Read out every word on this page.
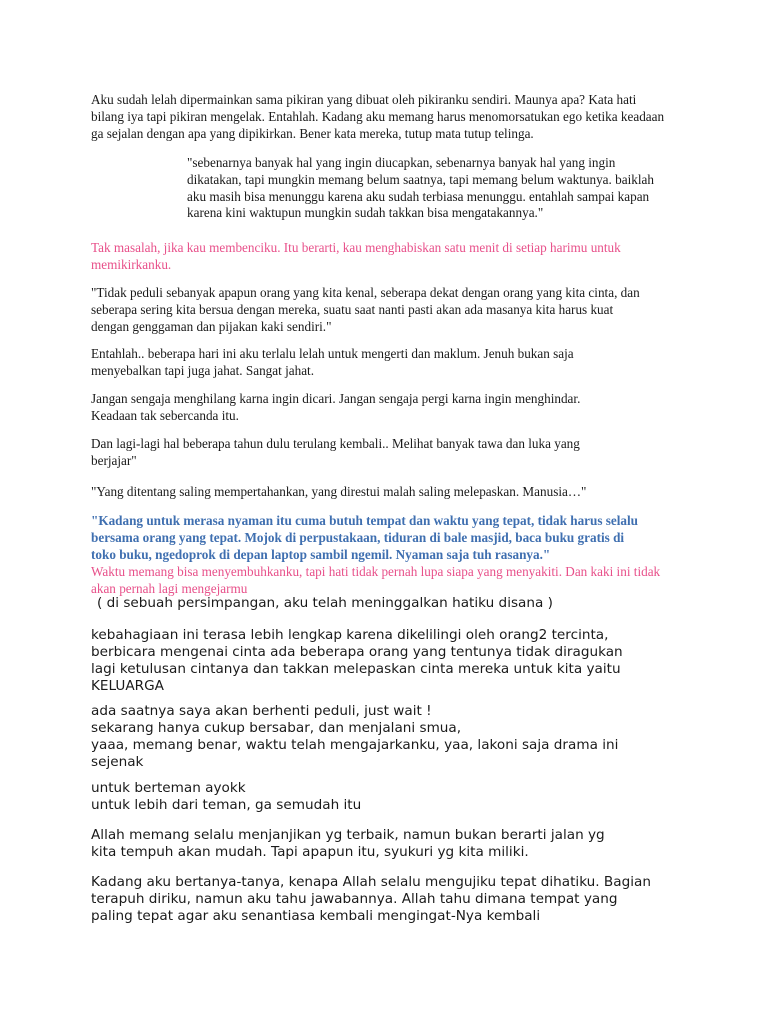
Aku sudah lelah dipermainkan sama pikiran yang dibuat oleh pikiranku sendiri. Maunya apa? Kata hati bilang iya tapi pikiran mengelak. Entahlah. Kadang aku memang harus menomorsatukan ego ketika keadaan ga sejalan dengan apa yang dipikirkan. Bener kata mereka, tutup mata tutup telinga.

"sebenarnya banyak hal yang ingin diucapkan, sebenarnya banyak hal yang ingin dikatakan, tapi mungkin memang belum saatnya, tapi memang belum waktunya. baiklah aku masih bisa menunggu karena aku sudah terbiasa menunggu. entahlah sampai kapan karena kini waktupun mungkin sudah takkan bisa mengatakannya."

Tak masalah, jika kau membenciku. Itu berarti, kau menghabiskan satu menit di setiap harimu untuk memikirkanku.

"Tidak peduli sebanyak apapun orang yang kita kenal, seberapa dekat dengan orang yang kita cinta, dan seberapa sering kita bersua dengan mereka, suatu saat nanti pasti akan ada masanya kita harus kuat dengan genggaman dan pijakan kaki sendiri."

Entahlah.. beberapa hari ini aku terlalu lelah untuk mengerti dan maklum. Jenuh bukan saja menyebalkan tapi juga jahat. Sangat jahat.

Jangan sengaja menghilang karna ingin dicari. Jangan sengaja pergi karna ingin menghindar. Keadaan tak sebercanda itu.

Dan lagi-lagi hal beberapa tahun dulu terulang kembali.. Melihat banyak tawa dan luka yang berjajar"

"Yang ditentang saling mempertahankan, yang direstui malah saling melepaskan. Manusia…"

"Kadang untuk merasa nyaman itu cuma butuh tempat dan waktu yang tepat, tidak harus selalu bersama orang yang tepat. Mojok di perpustakaan, tiduran di bale masjid, baca buku gratis di toko buku, ngedoprok di depan laptop sambil ngemil. Nyaman saja tuh rasanya."

Waktu memang bisa menyembuhkanku, tapi hati tidak pernah lupa siapa yang menyakiti. Dan kaki ini tidak akan pernah lagi mengejarmu

( di sebuah persimpangan, aku telah meninggalkan hatiku disana )

kebahagiaan ini terasa lebih lengkap karena dikelilingi oleh orang2 tercinta, berbicara mengenai cinta ada beberapa orang yang tentunya tidak diragukan lagi ketulusan cintanya dan takkan melepaskan cinta mereka untuk kita yaitu KELUARGA

ada saatnya saya akan berhenti peduli, just wait !

sekarang hanya cukup bersabar, dan menjalani smua,

yaaa, memang benar, waktu telah mengajarkanku, yaa, lakoni saja drama ini sejenak

untuk berteman ayokk

untuk lebih dari teman, ga semudah itu

Allah memang selalu menjanjikan yg terbaik, namun bukan berarti jalan yg kita tempuh akan mudah. Tapi apapun itu, syukuri yg kita miliki.

Kadang aku bertanya-tanya, kenapa Allah selalu mengujiku tepat dihatiku. Bagian terapuh diriku, namun aku tahu jawabannya. Allah tahu dimana tempat yang paling tepat agar aku senantiasa kembali mengingat-Nya kembali
